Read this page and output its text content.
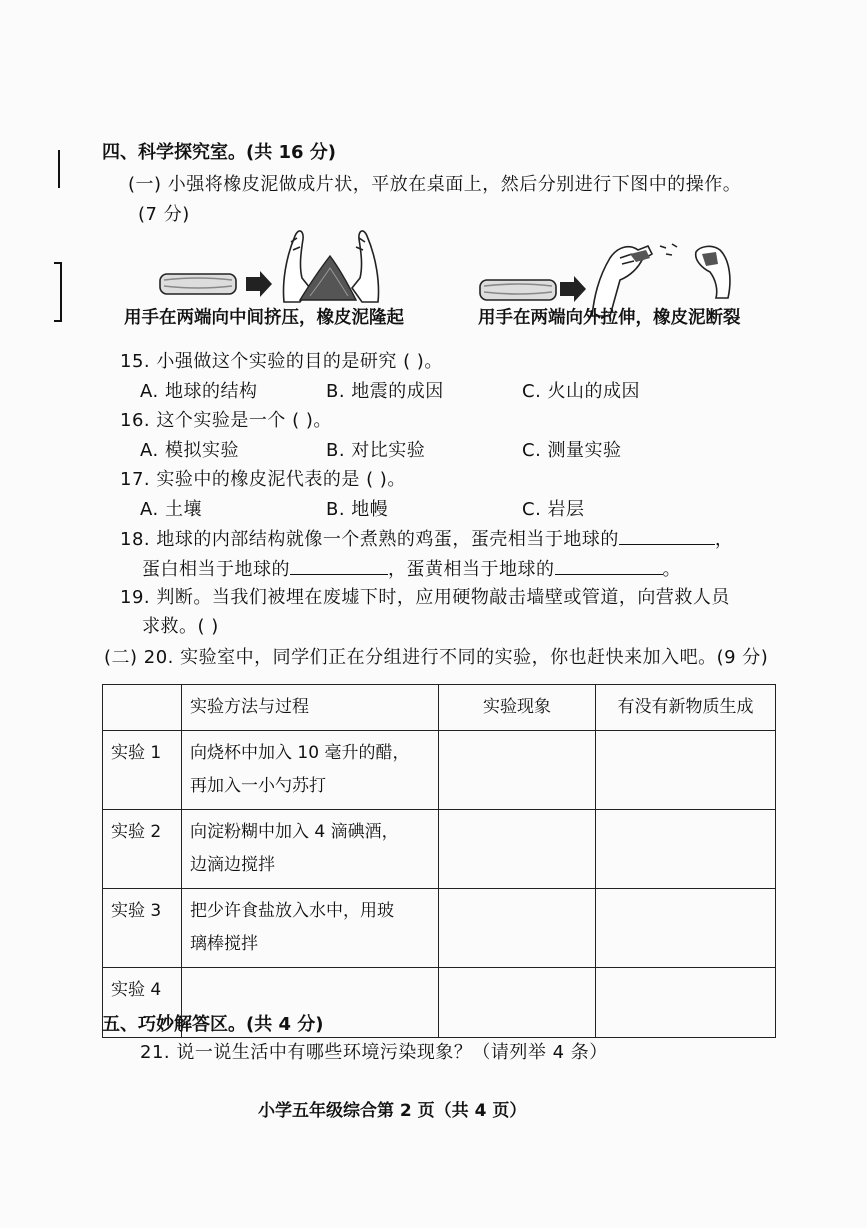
四、科学探究室。(共 16 分)
(一) 小强将橡皮泥做成片状，平放在桌面上，然后分别进行下图中的操作。
(7 分)
用手在两端向中间挤压，橡皮泥隆起	用手在两端向外拉伸，橡皮泥断裂
15. 小强做这个实验的目的是研究 ( )。
A. 地球的结构	B. 地震的成因	C. 火山的成因
16. 这个实验是一个 ( )。
A. 模拟实验	B. 对比实验	C. 测量实验
17. 实验中的橡皮泥代表的是 ( )。
A. 土壤	B. 地幔	C. 岩层
18. 地球的内部结构就像一个煮熟的鸡蛋，蛋壳相当于地球的	，
蛋白相当于地球的	，蛋黄相当于地球的	。
19. 判断。当我们被埋在废墟下时，应用硬物敲击墙壁或管道，向营救人员
求救。( )
(二) 20. 实验室中，同学们正在分组进行不同的实验，你也赶快来加入吧。(9 分)
	实验方法与过程	实验现象	有没有新物质生成
实验 1	向烧杯中加入 10 毫升的醋，
再加入一小勺苏打		
实验 2	向淀粉糊中加入 4 滴碘酒，
边滴边搅拌		
实验 3	把少许食盐放入水中，用玻
璃棒搅拌		
实验 4			
五、巧妙解答区。(共 4 分)
21. 说一说生活中有哪些环境污染现象？（请列举 4 条）
小学五年级综合第 2 页（共 4 页）
